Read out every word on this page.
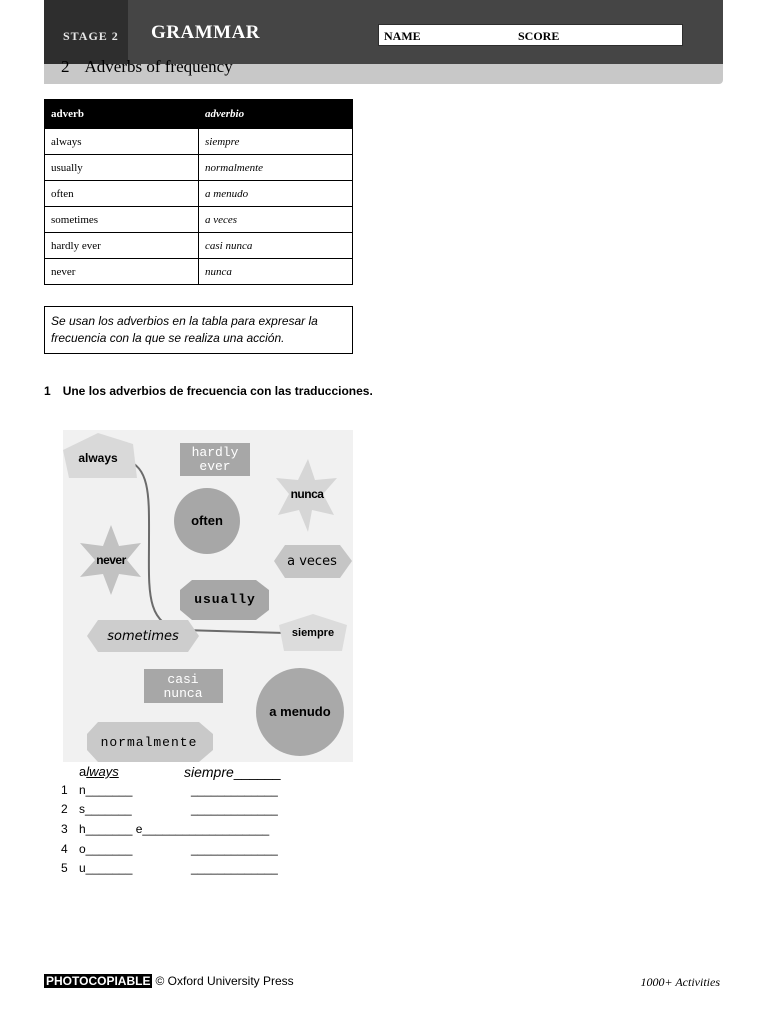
STAGE 2 GRAMMAR	NAME	SCORE
2 Adverbs of frequency
adverb	adverbio
always	siempre
usually	normalmente
often	a menudo
sometimes	a veces
hardly ever	casi nunca
never	nunca
Se usan los adverbios en la tabla para expresar la frecuencia con la que se realiza una acción.
1 Une los adverbios de frecuencia con las traducciones.
always	hardly
ever
nunca
often
never	a veces
usually
sometimes	siempre
casi
nunca
a menudo
normalmente
always	siempre______
1 n_______	_____________
2 s_______	_____________
3 h_______ e___________________
4 o_______	_____________
5 u_______	_____________
PHOTOCOPIABLE © Oxford University Press	1000+ Activities
